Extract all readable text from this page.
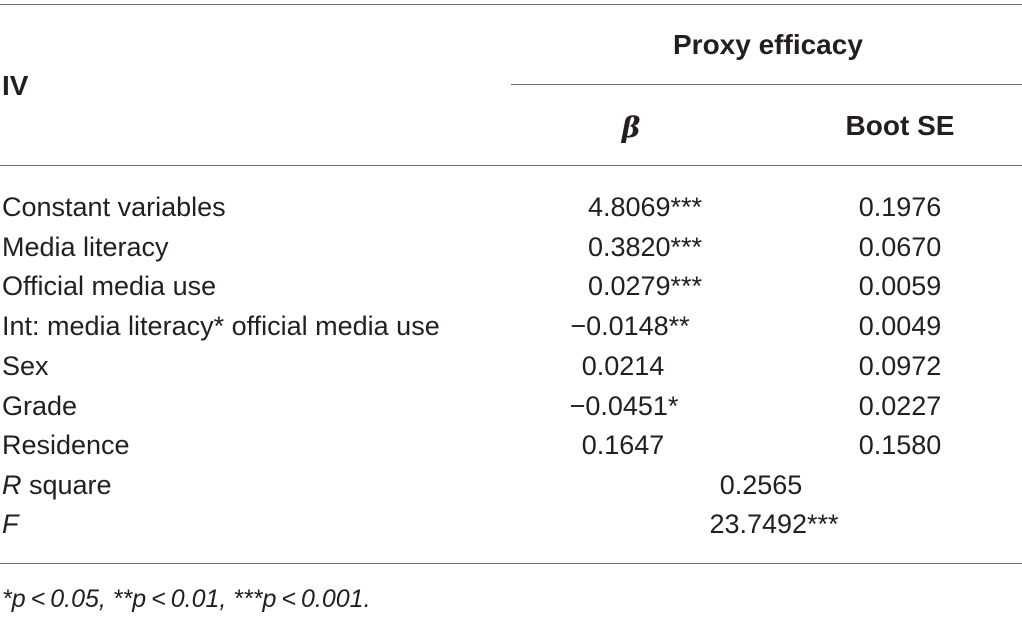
IV
Proxy efficacy
β	Boot SE
Constant variables	4.8069***	0.1976
Media literacy	0.3820***	0.0670
Official media use	0.0279***	0.0059
Int: media literacy* official media use	−0.0148**	0.0049
Sex	0.0214	0.0972
Grade	−0.0451*	0.0227
Residence	0.1647	0.1580
R square	0.2565
F	23.7492***
*p < 0.05, **p < 0.01, ***p < 0.001.
